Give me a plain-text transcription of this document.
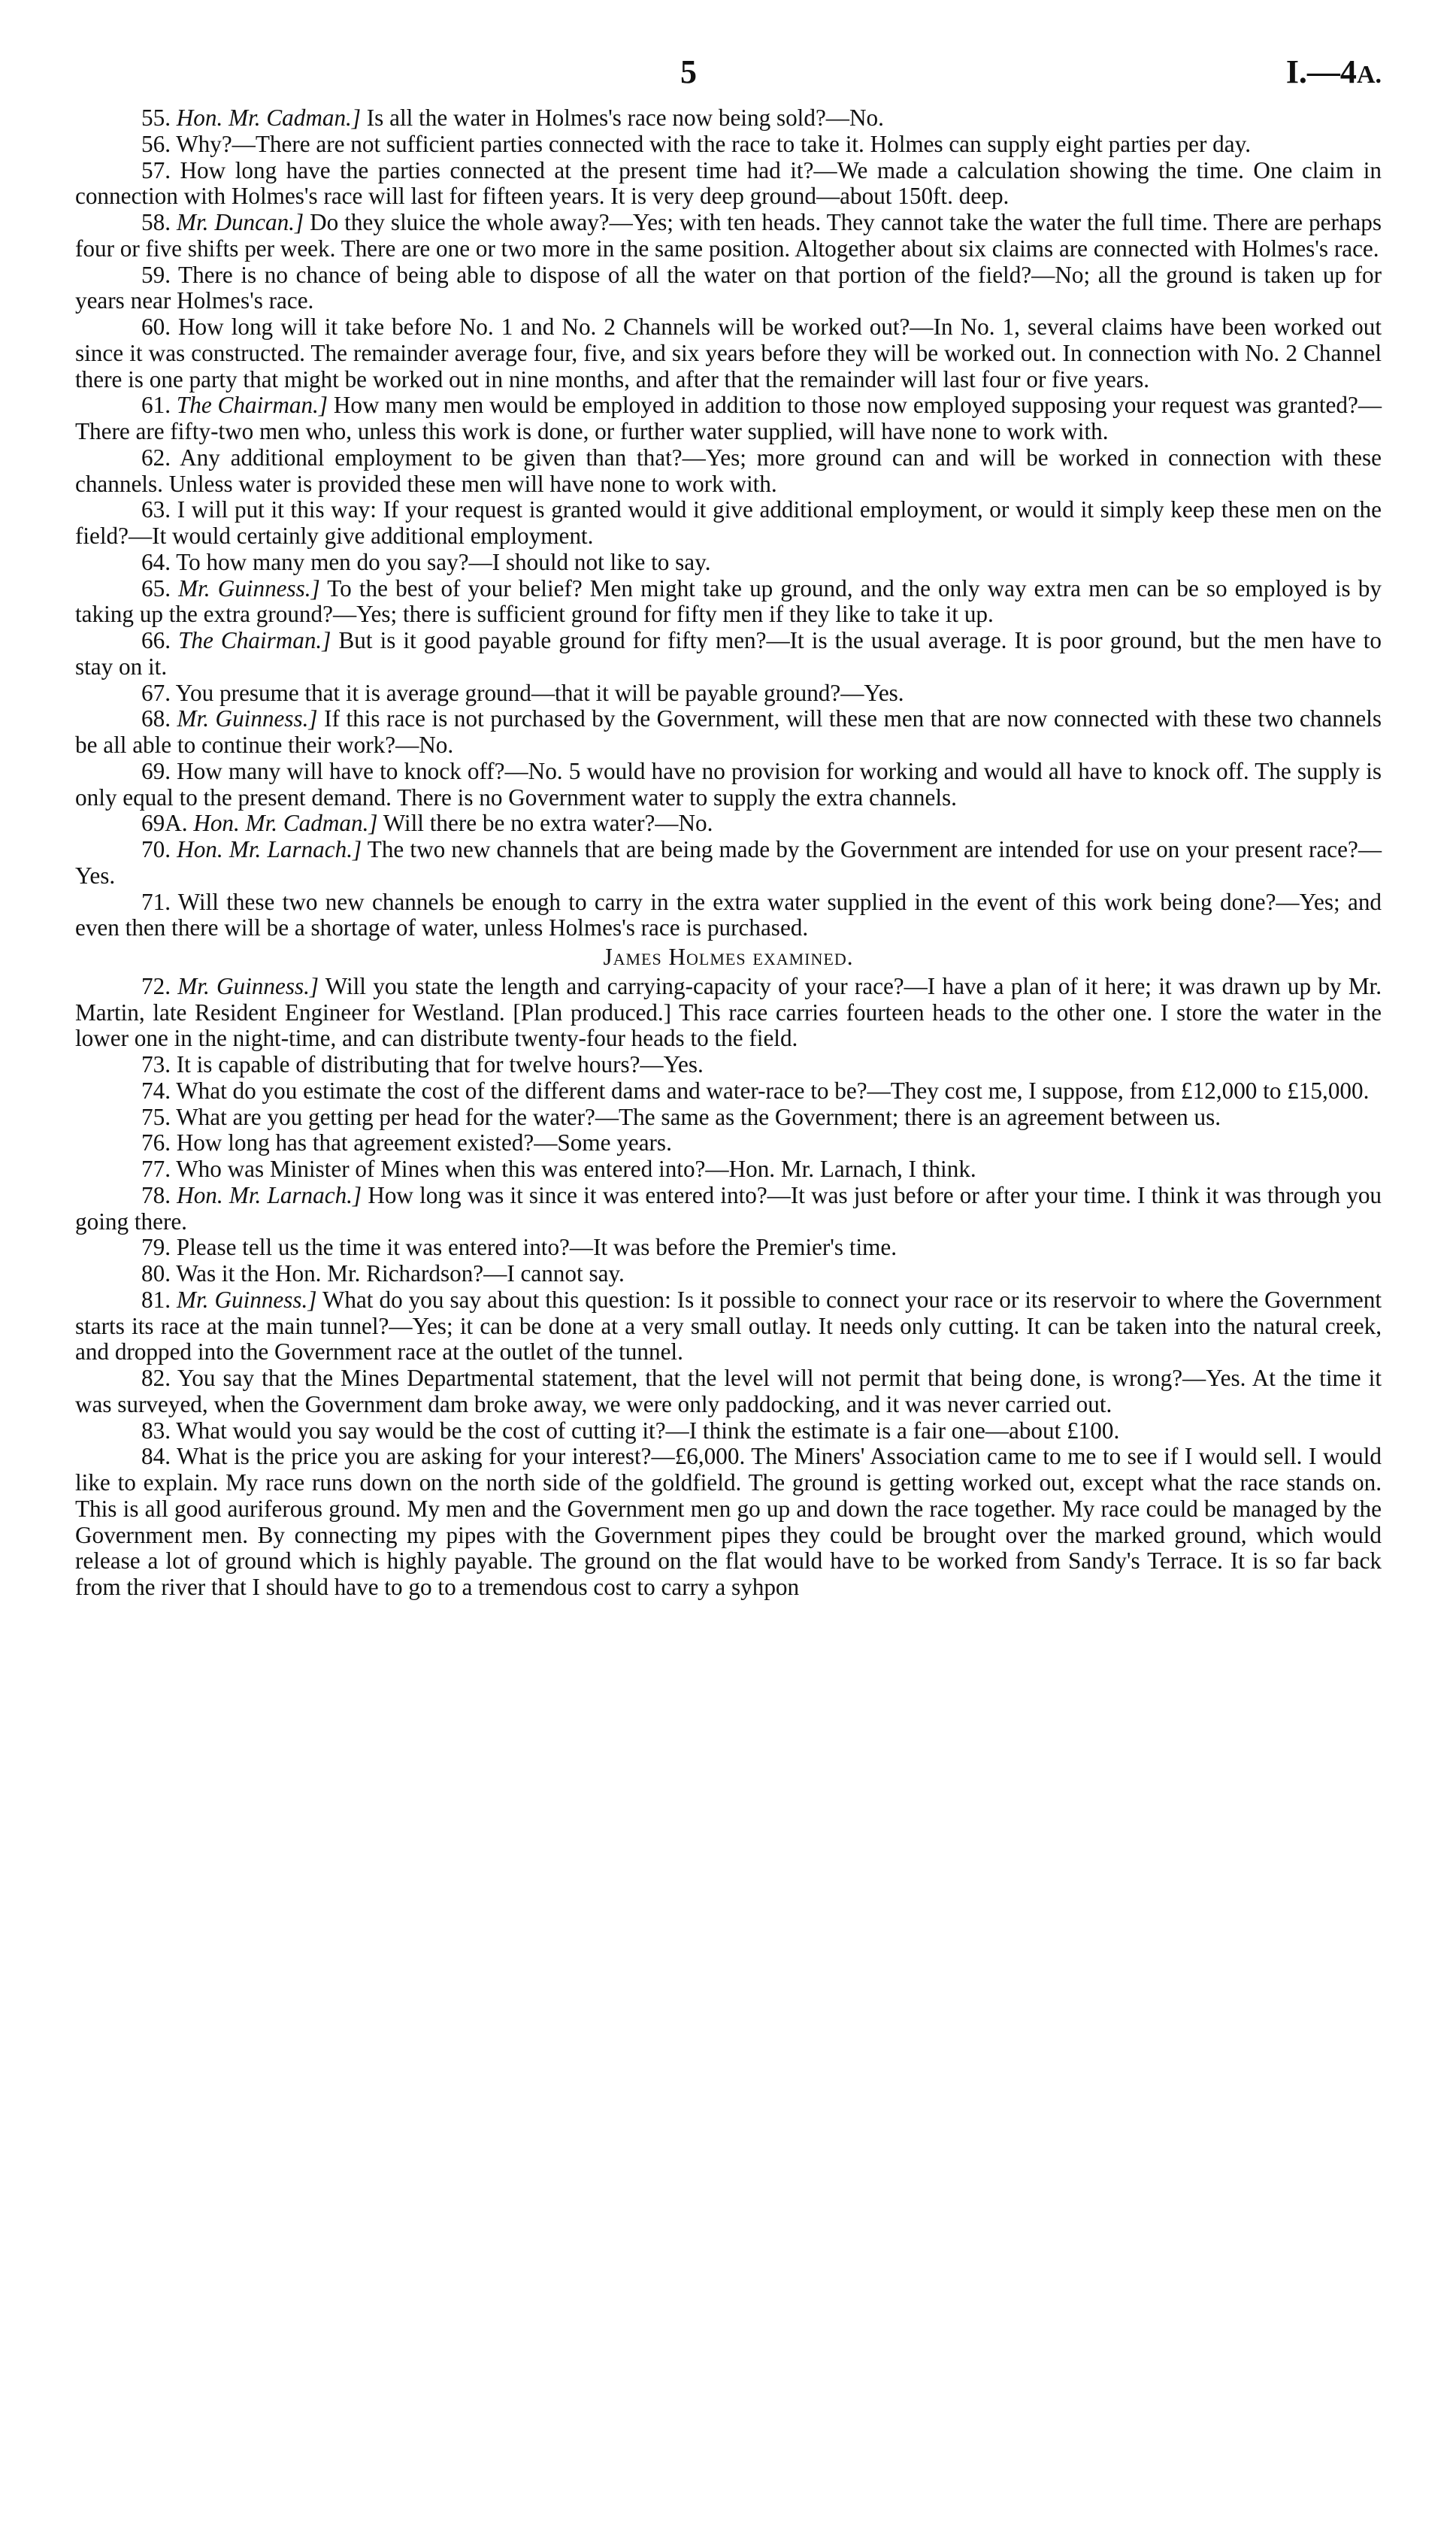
5	I.—4A.

55. Hon. Mr. Cadman.] Is all the water in Holmes's race now being sold?—No.

56. Why?—There are not sufficient parties connected with the race to take it. Holmes can supply eight parties per day.

57. How long have the parties connected at the present time had it?—We made a calculation showing the time. One claim in connection with Holmes's race will last for fifteen years. It is very deep ground—about 150ft. deep.

58. Mr. Duncan.] Do they sluice the whole away?—Yes; with ten heads. They cannot take the water the full time. There are perhaps four or five shifts per week. There are one or two more in the same position. Altogether about six claims are connected with Holmes's race.

59. There is no chance of being able to dispose of all the water on that portion of the field?—No; all the ground is taken up for years near Holmes's race.

60. How long will it take before No. 1 and No. 2 Channels will be worked out?—In No. 1, several claims have been worked out since it was constructed. The remainder average four, five, and six years before they will be worked out. In connection with No. 2 Channel there is one party that might be worked out in nine months, and after that the remainder will last four or five years.

61. The Chairman.] How many men would be employed in addition to those now employed supposing your request was granted?—There are fifty-two men who, unless this work is done, or further water supplied, will have none to work with.

62. Any additional employment to be given than that?—Yes; more ground can and will be worked in connection with these channels. Unless water is provided these men will have none to work with.

63. I will put it this way: If your request is granted would it give additional employment, or would it simply keep these men on the field?—It would certainly give additional employment.

64. To how many men do you say?—I should not like to say.

65. Mr. Guinness.] To the best of your belief? Men might take up ground, and the only way extra men can be so employed is by taking up the extra ground?—Yes; there is sufficient ground for fifty men if they like to take it up.

66. The Chairman.] But is it good payable ground for fifty men?—It is the usual average. It is poor ground, but the men have to stay on it.

67. You presume that it is average ground—that it will be payable ground?—Yes.

68. Mr. Guinness.] If this race is not purchased by the Government, will these men that are now connected with these two channels be all able to continue their work?—No.

69. How many will have to knock off?—No. 5 would have no provision for working and would all have to knock off. The supply is only equal to the present demand. There is no Government water to supply the extra channels.

69A. Hon. Mr. Cadman.] Will there be no extra water?—No.

70. Hon. Mr. Larnach.] The two new channels that are being made by the Government are intended for use on your present race?—Yes.

71. Will these two new channels be enough to carry in the extra water supplied in the event of this work being done?—Yes; and even then there will be a shortage of water, unless Holmes's race is purchased.

James Holmes examined.

72. Mr. Guinness.] Will you state the length and carrying-capacity of your race?—I have a plan of it here; it was drawn up by Mr. Martin, late Resident Engineer for Westland. [Plan produced.] This race carries fourteen heads to the other one. I store the water in the lower one in the night-time, and can distribute twenty-four heads to the field.

73. It is capable of distributing that for twelve hours?—Yes.

74. What do you estimate the cost of the different dams and water-race to be?—They cost me, I suppose, from £12,000 to £15,000.

75. What are you getting per head for the water?—The same as the Government; there is an agreement between us.

76. How long has that agreement existed?—Some years.

77. Who was Minister of Mines when this was entered into?—Hon. Mr. Larnach, I think.

78. Hon. Mr. Larnach.] How long was it since it was entered into?—It was just before or after your time. I think it was through you going there.

79. Please tell us the time it was entered into?—It was before the Premier's time.

80. Was it the Hon. Mr. Richardson?—I cannot say.

81. Mr. Guinness.] What do you say about this question: Is it possible to connect your race or its reservoir to where the Government starts its race at the main tunnel?—Yes; it can be done at a very small outlay. It needs only cutting. It can be taken into the natural creek, and dropped into the Government race at the outlet of the tunnel.

82. You say that the Mines Departmental statement, that the level will not permit that being done, is wrong?—Yes. At the time it was surveyed, when the Government dam broke away, we were only paddocking, and it was never carried out.

83. What would you say would be the cost of cutting it?—I think the estimate is a fair one—about £100.

84. What is the price you are asking for your interest?—£6,000. The Miners' Association came to me to see if I would sell. I would like to explain. My race runs down on the north side of the goldfield. The ground is getting worked out, except what the race stands on. This is all good auriferous ground. My men and the Government men go up and down the race together. My race could be managed by the Government men. By connecting my pipes with the Government pipes they could be brought over the marked ground, which would release a lot of ground which is highly payable. The ground on the flat would have to be worked from Sandy's Terrace. It is so far back from the river that I should have to go to a tremendous cost to carry a syhpon
